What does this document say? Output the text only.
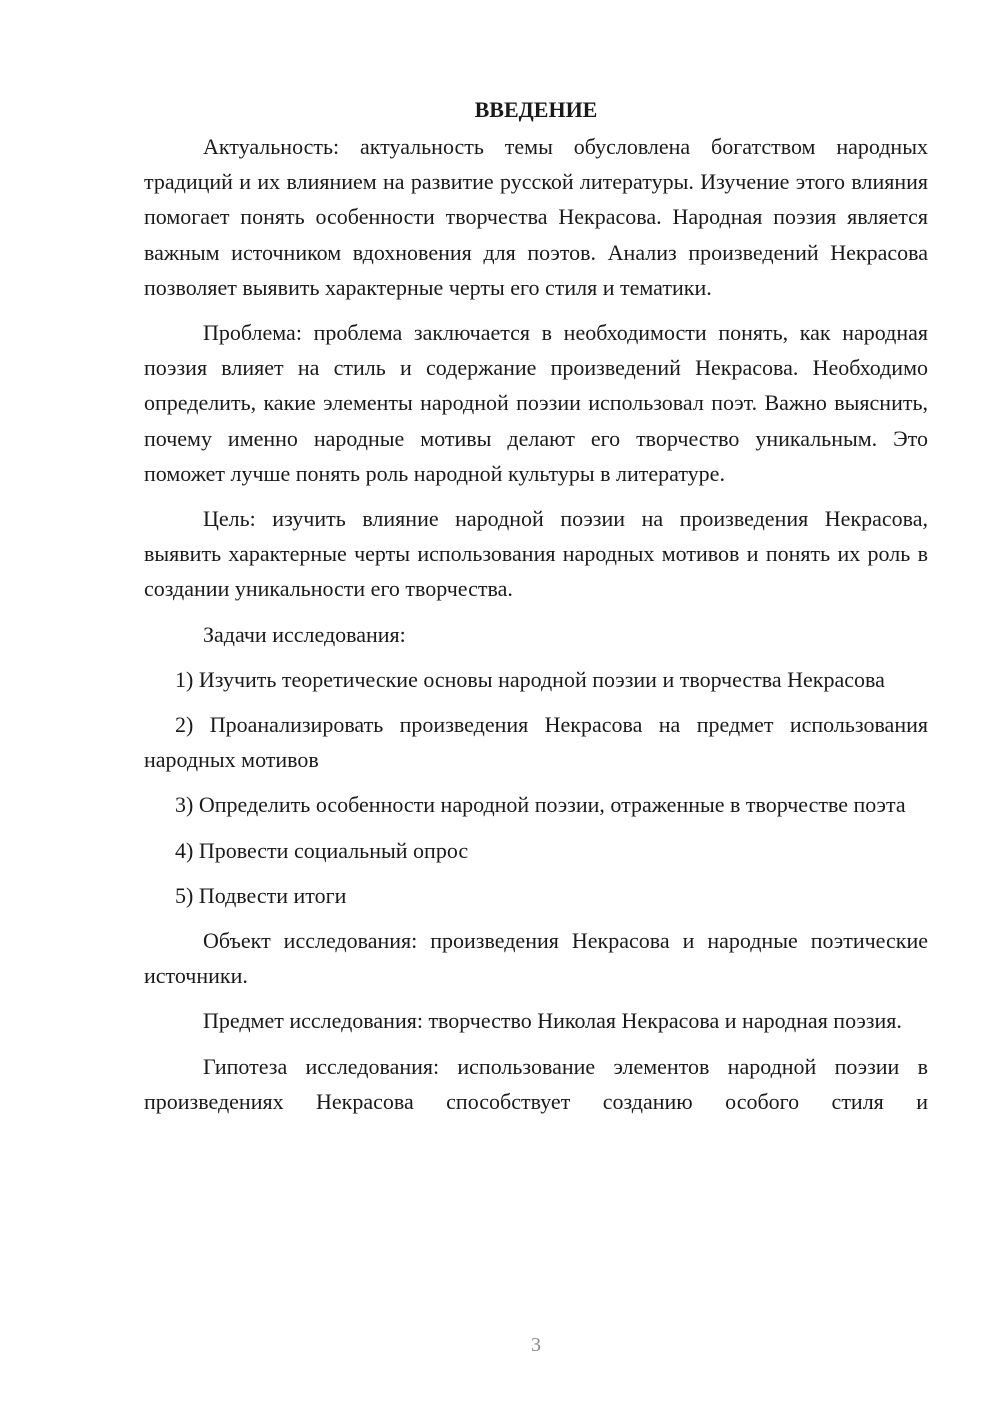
ВВЕДЕНИЕ

Актуальность: актуальность темы обусловлена богатством народных традиций и их влиянием на развитие русской литературы. Изучение этого влияния помогает понять особенности творчества Некрасова. Народная поэзия является важным источником вдохновения для поэтов. Анализ произведений Некрасова позволяет выявить характерные черты его стиля и тематики.

Проблема: проблема заключается в необходимости понять, как народная поэзия влияет на стиль и содержание произведений Некрасова. Необходимо определить, какие элементы народной поэзии использовал поэт. Важно выяснить, почему именно народные мотивы делают его творчество уникальным. Это поможет лучше понять роль народной культуры в литературе.

Цель: изучить влияние народной поэзии на произведения Некрасова, выявить характерные черты использования народных мотивов и понять их роль в создании уникальности его творчества.

Задачи исследования:

1) Изучить теоретические основы народной поэзии и творчества Некрасова

2) Проанализировать произведения Некрасова на предмет использования народных мотивов

3) Определить особенности народной поэзии, отраженные в творчестве поэта

4) Провести социальный опрос

5) Подвести итоги

Объект исследования: произведения Некрасова и народные поэтические источники.

Предмет исследования: творчество Николая Некрасова и народная поэзия.

Гипотеза исследования: использование элементов народной поэзии в произведениях Некрасова способствует созданию особого стиля и

3
